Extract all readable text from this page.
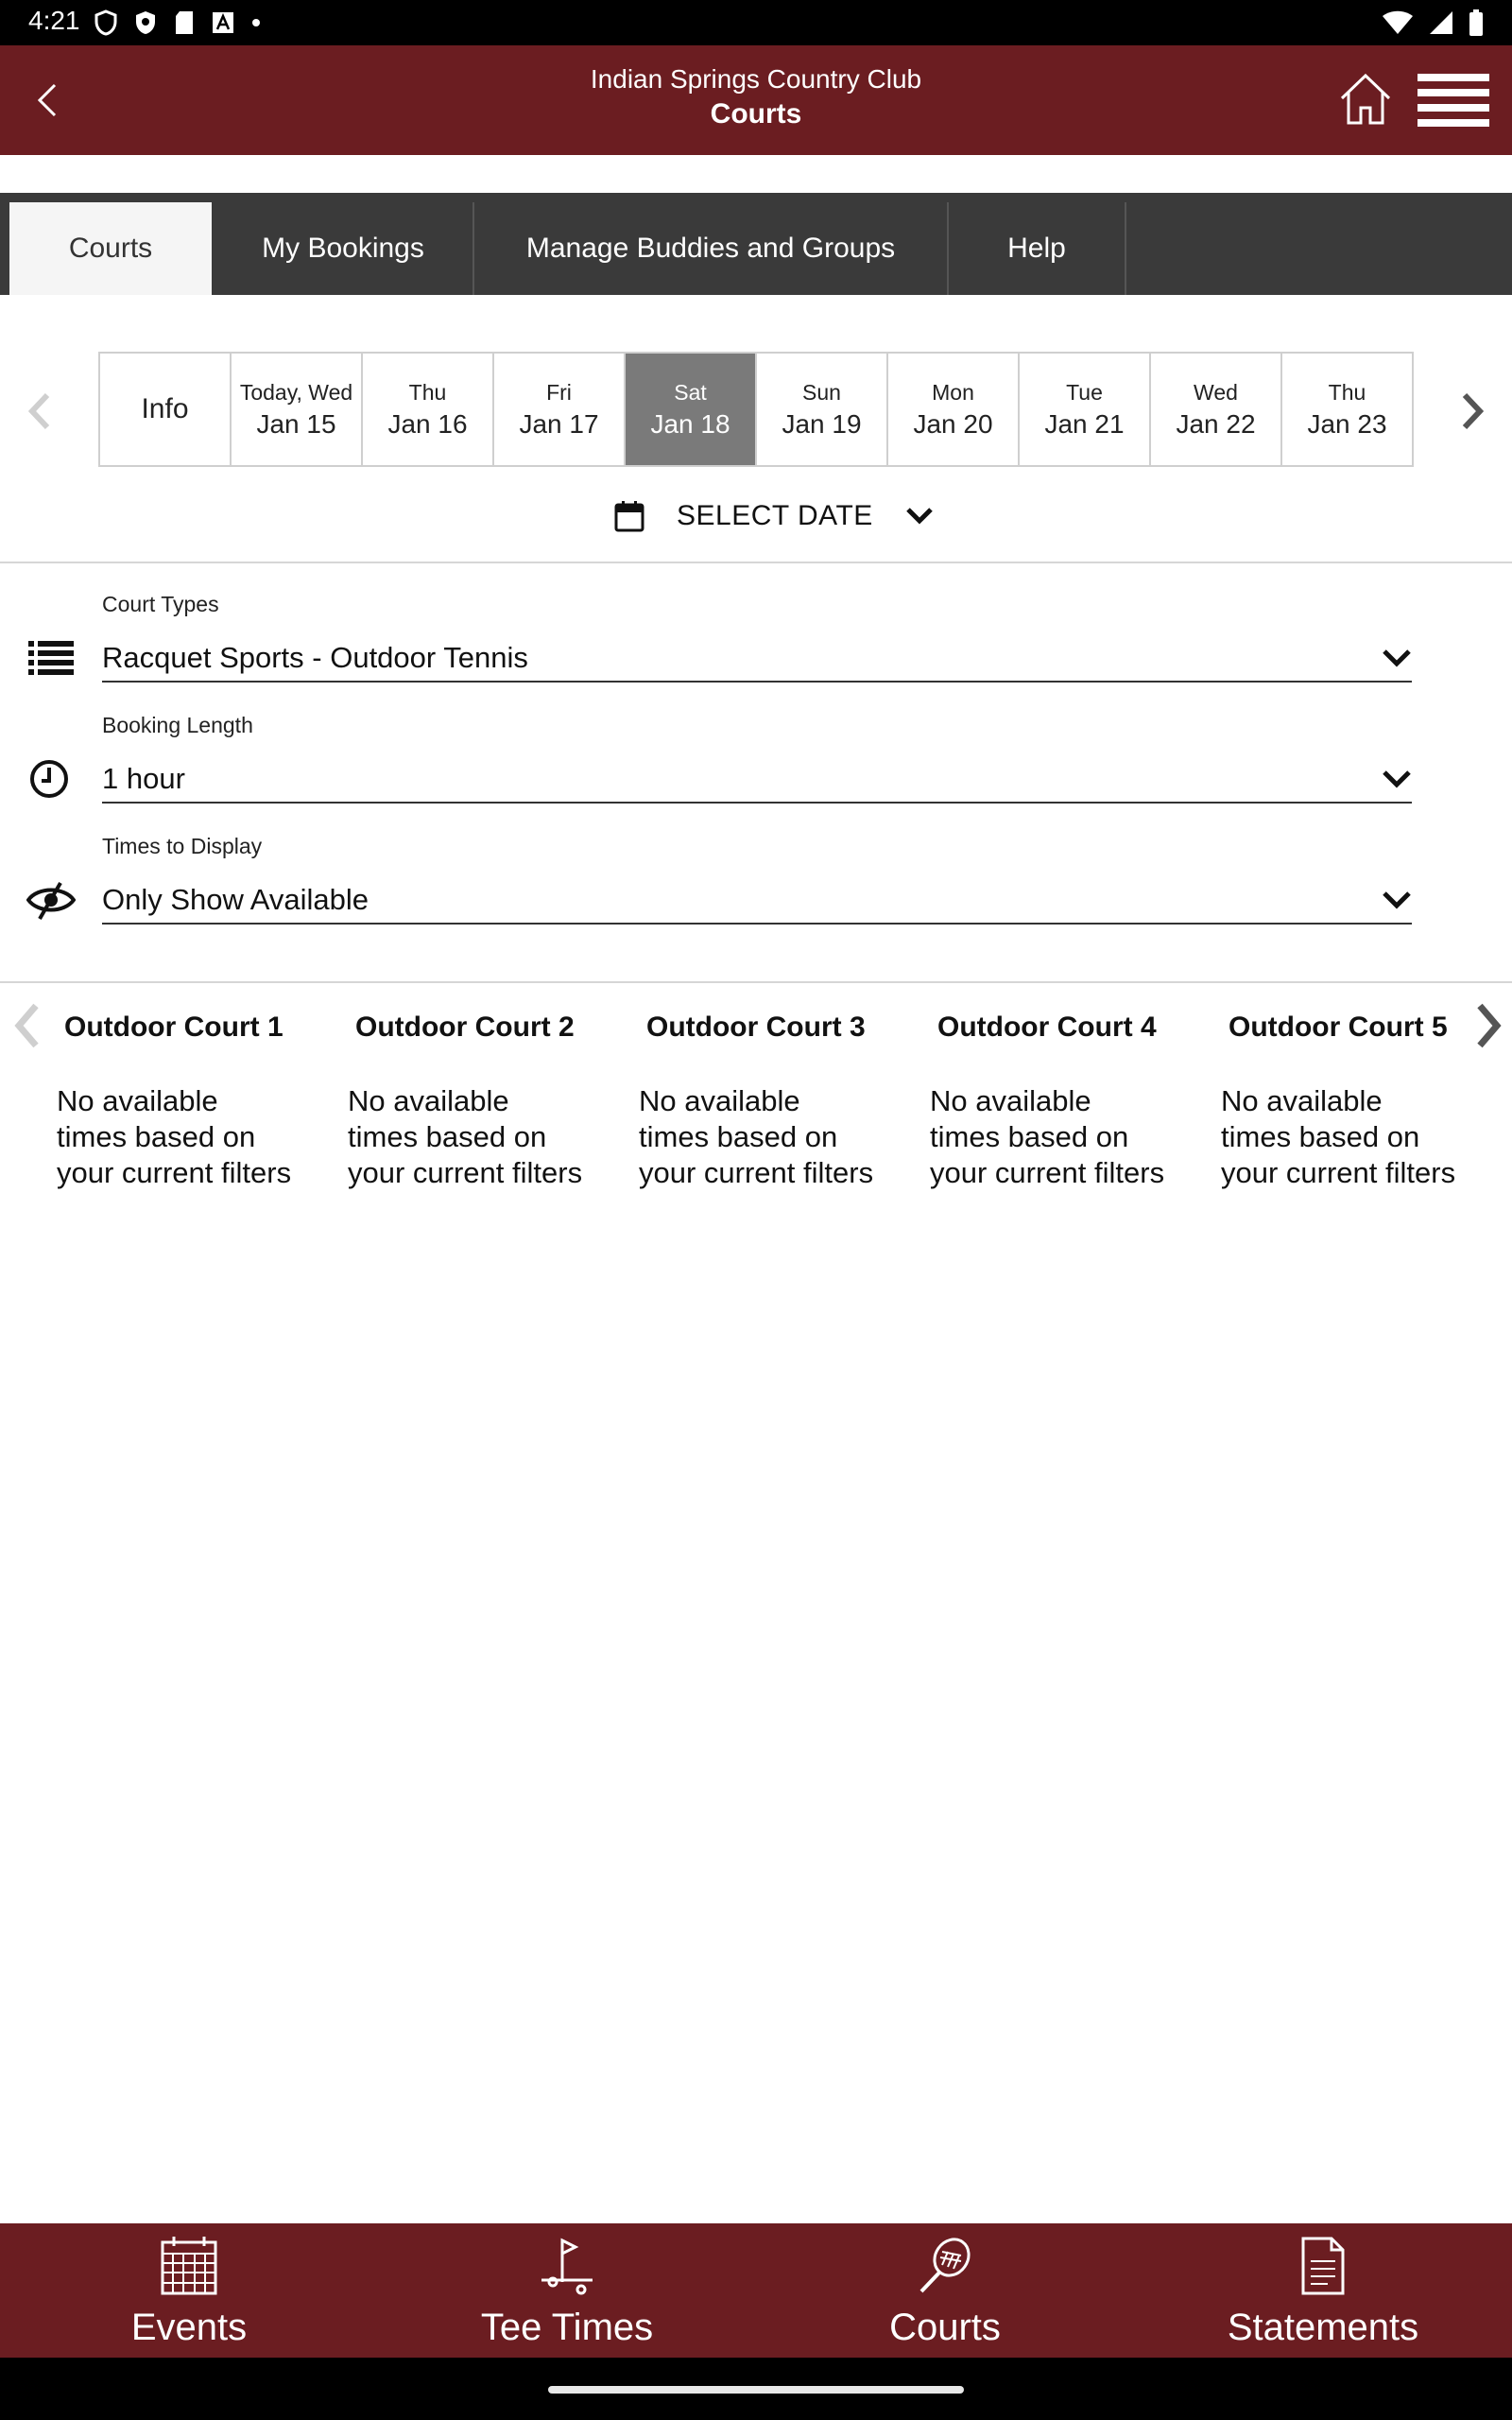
4:21
Indian Springs Country Club
Courts
Courts	My Bookings	Manage Buddies and Groups	Help
Info
Today, Wed
Jan 15
Thu
Jan 16
Fri
Jan 17
Sat
Jan 18
Sun
Jan 19
Mon
Jan 20
Tue
Jan 21
Wed
Jan 22
Thu
Jan 23
SELECT DATE
Court Types
Racquet Sports - Outdoor Tennis
Booking Length
1 hour
Times to Display
Only Show Available
Outdoor Court 1
No available times based on your current filters
Outdoor Court 2
No available times based on your current filters
Outdoor Court 3
No available times based on your current filters
Outdoor Court 4
No available times based on your current filters
Outdoor Court 5
No available times based on your current filters
Events	Tee Times	Courts	Statements
